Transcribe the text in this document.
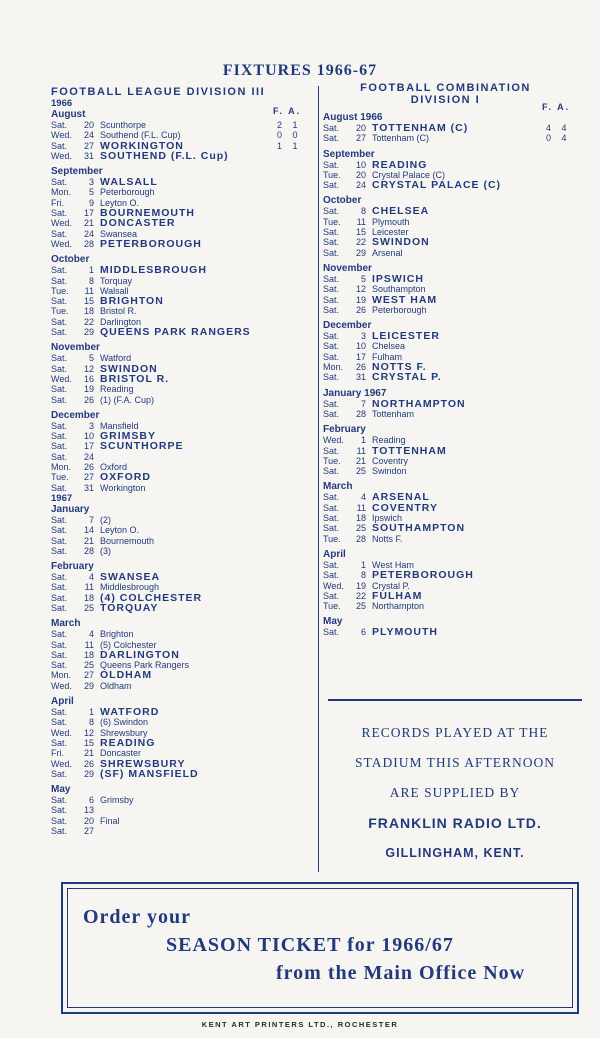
FIXTURES 1966-67
FOOTBALL LEAGUE DIVISION III
F. A.
1966
August
Sat.	20 Scunthorpe	2 1
Wed.	24 Southend (F.L. Cup)	0 0
Sat.	27 WORKINGTON	1 1
Wed.	31 SOUTHEND (F.L. Cup)
September
Sat.	3 WALSALL
Mon.	5 Peterborough
Fri.	9 Leyton O.
Sat.	17 BOURNEMOUTH
Wed.	21 DONCASTER
Sat.	24 Swansea
Wed.	28 PETERBOROUGH
October
Sat.	1 MIDDLESBROUGH
Sat.	8 Torquay
Tue.	11 Walsall
Sat.	15 BRIGHTON
Tue.	18 Bristol R.
Sat.	22 Darlington
Sat.	29 QUEENS PARK RANGERS
November
Sat.	5 Watford
Sat.	12 SWINDON
Wed.	16 BRISTOL R.
Sat.	19 Reading
Sat.	26 (1) (F.A. Cup)
December
Sat.	3 Mansfield
Sat.	10 GRIMSBY
Sat.	17 SCUNTHORPE
Sat.	24
Mon.	26 Oxford
Tue.	27 OXFORD
Sat.	31 Workington
1967
January
Sat.	7 (2)
Sat.	14 Leyton O.
Sat.	21 Bournemouth
Sat.	28 (3)
February
Sat.	4 SWANSEA
Sat.	11 Middlesbrough
Sat.	18 (4) COLCHESTER
Sat.	25 TORQUAY
March
Sat.	4 Brighton
Sat.	11 (5) Colchester
Sat.	18 DARLINGTON
Sat.	25 Queens Park Rangers
Mon.	27 OLDHAM
Wed.	29 Oldham
April
Sat.	1 WATFORD
Sat.	8 (6) Swindon
Wed.	12 Shrewsbury
Sat.	15 READING
Fri.	21 Doncaster
Wed.	26 SHREWSBURY
Sat.	29 (SF) MANSFIELD
May
Sat.	6 Grimsby
Sat.	13
Sat.	20 Final
Sat.	27
FOOTBALL COMBINATION
DIVISION I
F. A.
August 1966
Sat.	20 TOTTENHAM (C)	4 4
Sat.	27 Tottenham (C)	0 4
September
Sat.	10 READING
Tue.	20 Crystal Palace (C)
Sat.	24 CRYSTAL PALACE (C)
October
Sat.	8 CHELSEA
Tue.	11 Plymouth
Sat.	15 Leicester
Sat.	22 SWINDON
Sat.	29 Arsenal
November
Sat.	5 IPSWICH
Sat.	12 Southampton
Sat.	19 WEST HAM
Sat.	26 Peterborough
December
Sat.	3 LEICESTER
Sat.	10 Chelsea
Sat.	17 Fulham
Mon.	26 NOTTS F.
Sat.	31 CRYSTAL P.
January 1967
Sat.	7 NORTHAMPTON
Sat.	28 Tottenham
February
Wed.	1 Reading
Sat.	11 TOTTENHAM
Tue.	21 Coventry
Sat.	25 Swindon
March
Sat.	4 ARSENAL
Sat.	11 COVENTRY
Sat.	18 Ipswich
Sat.	25 SOUTHAMPTON
Tue.	28 Notts F.
April
Sat.	1 West Ham
Sat.	8 PETERBOROUGH
Wed.	19 Crystal P.
Sat.	22 FULHAM
Tue.	25 Northampton
May
Sat.	6 PLYMOUTH
RECORDS PLAYED AT THE
STADIUM THIS AFTERNOON
ARE SUPPLIED BY
FRANKLIN RADIO LTD.
GILLINGHAM, KENT.
Order your
SEASON TICKET for 1966/67
from the Main Office Now
KENT ART PRINTERS LTD., ROCHESTER
